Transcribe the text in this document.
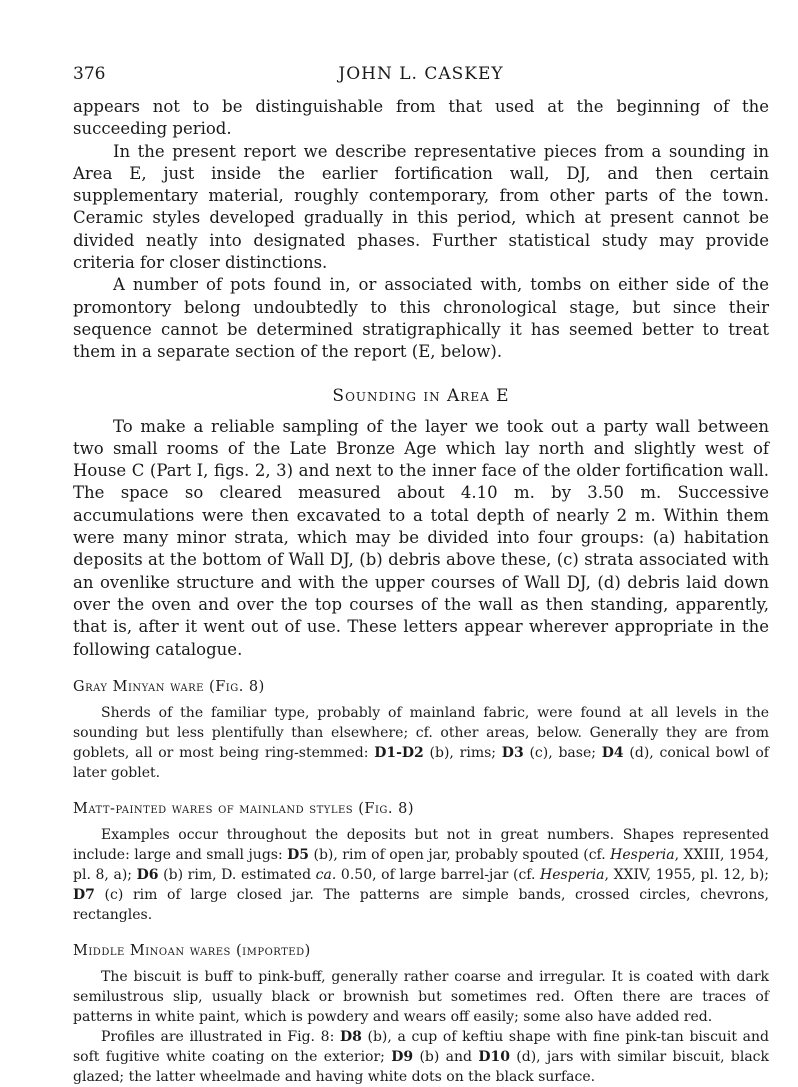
376	JOHN L. CASKEY

appears not to be distinguishable from that used at the beginning of the succeeding period.

In the present report we describe representative pieces from a sounding in Area E, just inside the earlier fortification wall, DJ, and then certain supplementary material, roughly contemporary, from other parts of the town. Ceramic styles developed gradually in this period, which at present cannot be divided neatly into designated phases. Further statistical study may provide criteria for closer distinctions.

A number of pots found in, or associated with, tombs on either side of the promontory belong undoubtedly to this chronological stage, but since their sequence cannot be determined stratigraphically it has seemed better to treat them in a separate section of the report (E, below).

Sounding in Area E

To make a reliable sampling of the layer we took out a party wall between two small rooms of the Late Bronze Age which lay north and slightly west of House C (Part I, figs. 2, 3) and next to the inner face of the older fortification wall. The space so cleared measured about 4.10 m. by 3.50 m. Successive accumulations were then excavated to a total depth of nearly 2 m. Within them were many minor strata, which may be divided into four groups: (a) habitation deposits at the bottom of Wall DJ, (b) debris above these, (c) strata associated with an ovenlike structure and with the upper courses of Wall DJ, (d) debris laid down over the oven and over the top courses of the wall as then standing, apparently, that is, after it went out of use. These letters appear wherever appropriate in the following catalogue.

Gray Minyan ware (Fig. 8)

Sherds of the familiar type, probably of mainland fabric, were found at all levels in the sounding but less plentifully than elsewhere; cf. other areas, below. Generally they are from goblets, all or most being ring-stemmed: D1-D2 (b), rims; D3 (c), base; D4 (d), conical bowl of later goblet.

Matt-painted wares of mainland styles (Fig. 8)

Examples occur throughout the deposits but not in great numbers. Shapes represented include: large and small jugs: D5 (b), rim of open jar, probably spouted (cf. Hesperia, XXIII, 1954, pl. 8, a); D6 (b) rim, D. estimated ca. 0.50, of large barrel-jar (cf. Hesperia, XXIV, 1955, pl. 12, b); D7 (c) rim of large closed jar. The patterns are simple bands, crossed circles, chevrons, rectangles.

Middle Minoan wares (imported)

The biscuit is buff to pink-buff, generally rather coarse and irregular. It is coated with dark semilustrous slip, usually black or brownish but sometimes red. Often there are traces of patterns in white paint, which is powdery and wears off easily; some also have added red.

Profiles are illustrated in Fig. 8: D8 (b), a cup of keftiu shape with fine pink-tan biscuit and soft fugitive white coating on the exterior; D9 (b) and D10 (d), jars with similar biscuit, black glazed; the latter wheelmade and having white dots on the black surface.
